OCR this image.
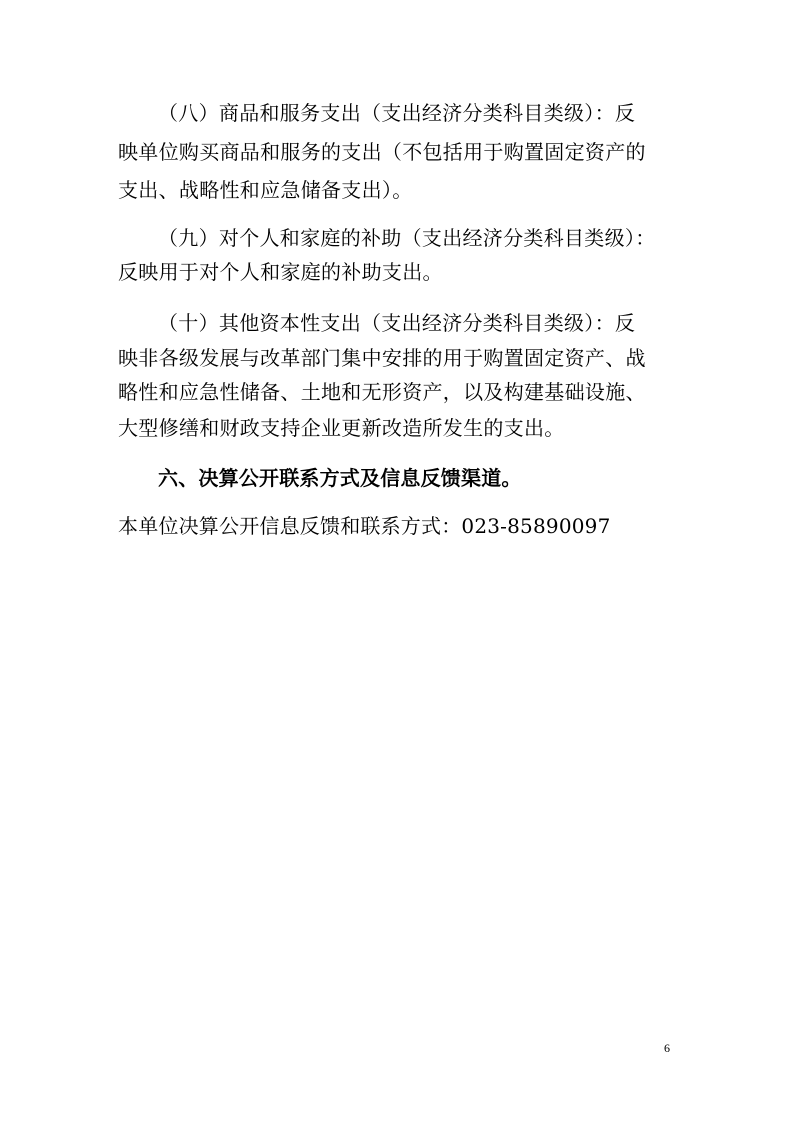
（八）商品和服务支出（支出经济分类科目类级）：反
映单位购买商品和服务的支出（不包括用于购置固定资产的
支出、战略性和应急储备支出）。
（九）对个人和家庭的补助（支出经济分类科目类级）：
反映用于对个人和家庭的补助支出。
（十）其他资本性支出（支出经济分类科目类级）：反
映非各级发展与改革部门集中安排的用于购置固定资产、战
略性和应急性储备、土地和无形资产，以及构建基础设施、
大型修缮和财政支持企业更新改造所发生的支出。
六、决算公开联系方式及信息反馈渠道。
本单位决算公开信息反馈和联系方式：023-85890097
6
